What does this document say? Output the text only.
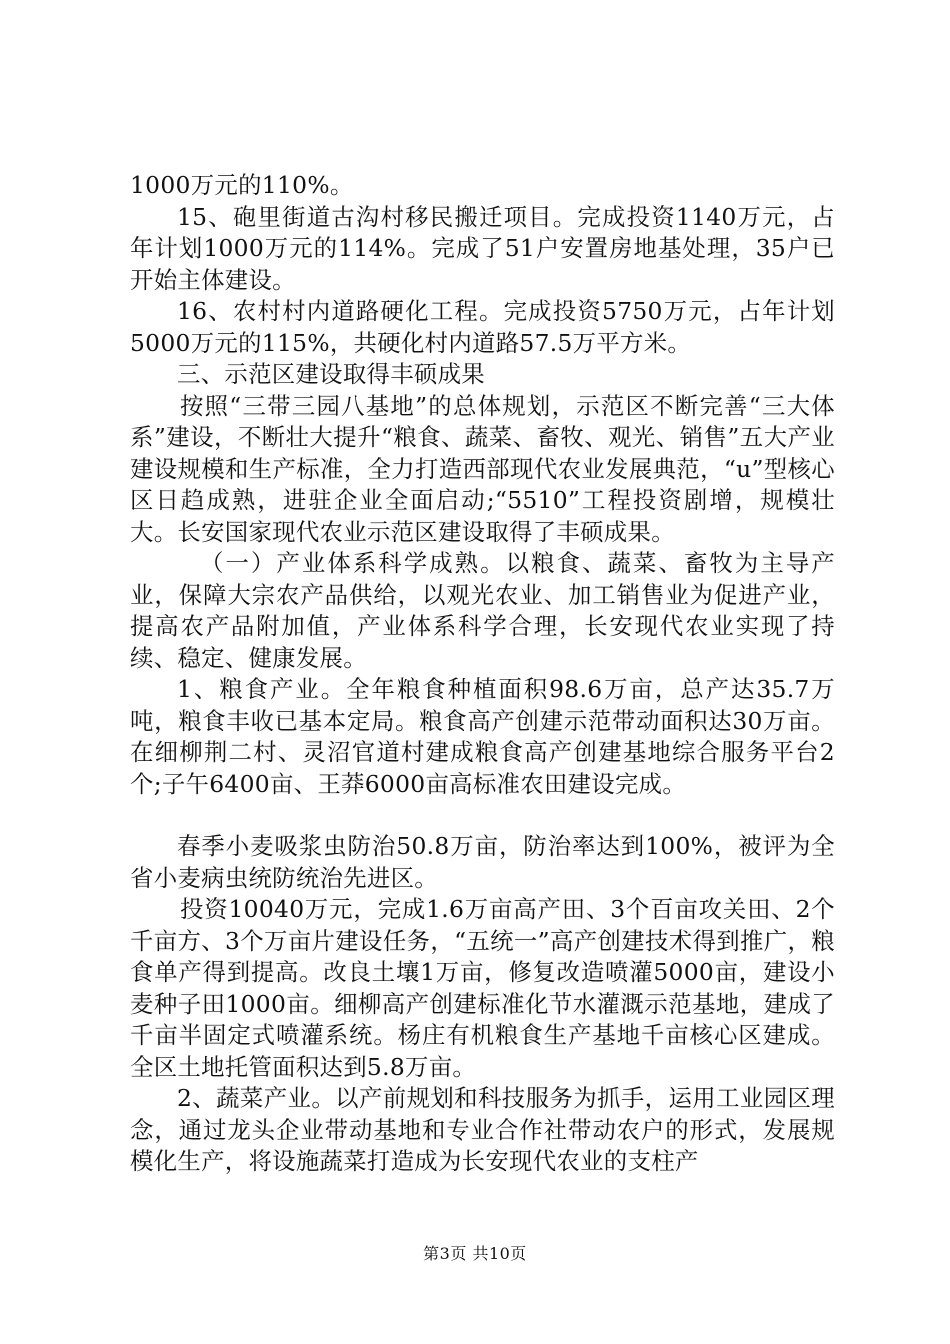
1000万元的110%。

15、砲里街道古沟村移民搬迁项目。完成投资1140万元，占年计划1000万元的114%。完成了51户安置房地基处理，35户已开始主体建设。

16、农村村内道路硬化工程。完成投资5750万元，占年计划5000万元的115%，共硬化村内道路57.5万平方米。

三、示范区建设取得丰硕成果

按照“三带三园八基地”的总体规划，示范区不断完善“三大体系”建设，不断壮大提升“粮食、蔬菜、畜牧、观光、销售”五大产业建设规模和生产标准，全力打造西部现代农业发展典范，“u”型核心区日趋成熟，进驻企业全面启动;“5510”工程投资剧增，规模壮大。长安国家现代农业示范区建设取得了丰硕成果。

（一）产业体系科学成熟。以粮食、蔬菜、畜牧为主导产业，保障大宗农产品供给，以观光农业、加工销售业为促进产业，提高农产品附加值，产业体系科学合理，长安现代农业实现了持续、稳定、健康发展。

1、粮食产业。全年粮食种植面积98.6万亩，总产达35.7万吨，粮食丰收已基本定局。粮食高产创建示范带动面积达30万亩。在细柳荆二村、灵沼官道村建成粮食高产创建基地综合服务平台2个;子午6400亩、王莽6000亩高标准农田建设完成。

春季小麦吸浆虫防治50.8万亩，防治率达到100%，被评为全省小麦病虫统防统治先进区。

投资10040万元，完成1.6万亩高产田、3个百亩攻关田、2个千亩方、3个万亩片建设任务，“五统一”高产创建技术得到推广，粮食单产得到提高。改良土壤1万亩，修复改造喷灌5000亩，建设小麦种子田1000亩。细柳高产创建标准化节水灌溉示范基地，建成了千亩半固定式喷灌系统。杨庄有机粮食生产基地千亩核心区建成。全区土地托管面积达到5.8万亩。

2、蔬菜产业。以产前规划和科技服务为抓手，运用工业园区理念，通过龙头企业带动基地和专业合作社带动农户的形式，发展规模化生产，将设施蔬菜打造成为长安现代农业的支柱产

第3页 共10页
